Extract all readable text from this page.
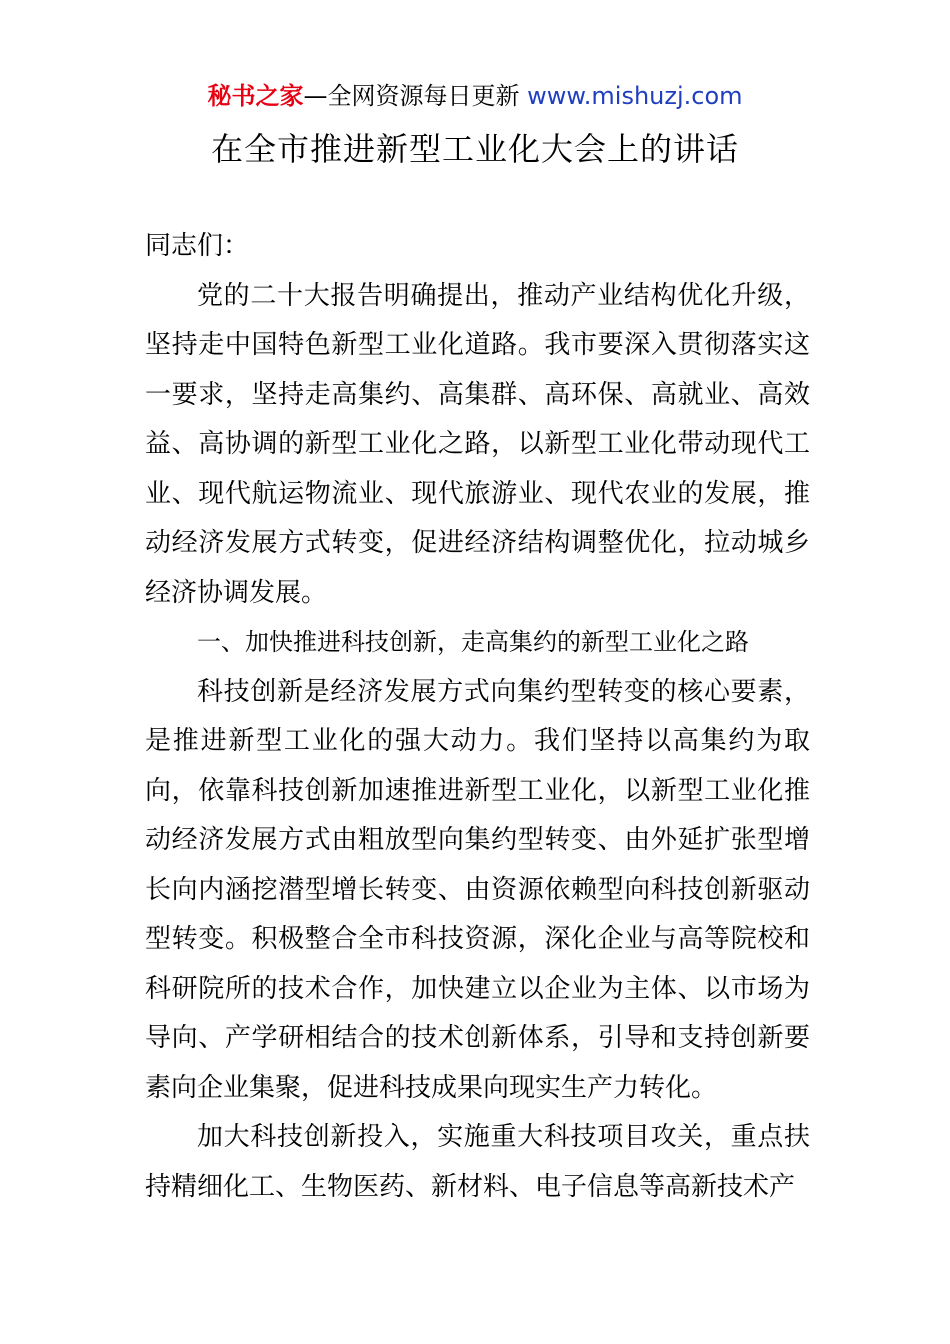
秘书之家—全网资源每日更新 www.mishuzj.com
在全市推进新型工业化大会上的讲话

同志们：

党的二十大报告明确提出，推动产业结构优化升级，坚持走中国特色新型工业化道路。我市要深入贯彻落实这一要求，坚持走高集约、高集群、高环保、高就业、高效益、高协调的新型工业化之路，以新型工业化带动现代工业、现代航运物流业、现代旅游业、现代农业的发展，推动经济发展方式转变，促进经济结构调整优化，拉动城乡经济协调发展。

一、加快推进科技创新，走高集约的新型工业化之路

科技创新是经济发展方式向集约型转变的核心要素，是推进新型工业化的强大动力。我们坚持以高集约为取向，依靠科技创新加速推进新型工业化，以新型工业化推动经济发展方式由粗放型向集约型转变、由外延扩张型增长向内涵挖潜型增长转变、由资源依赖型向科技创新驱动型转变。积极整合全市科技资源，深化企业与高等院校和科研院所的技术合作，加快建立以企业为主体、以市场为导向、产学研相结合的技术创新体系，引导和支持创新要素向企业集聚，促进科技成果向现实生产力转化。

加大科技创新投入，实施重大科技项目攻关，重点扶持精细化工、生物医药、新材料、电子信息等高新技术产
